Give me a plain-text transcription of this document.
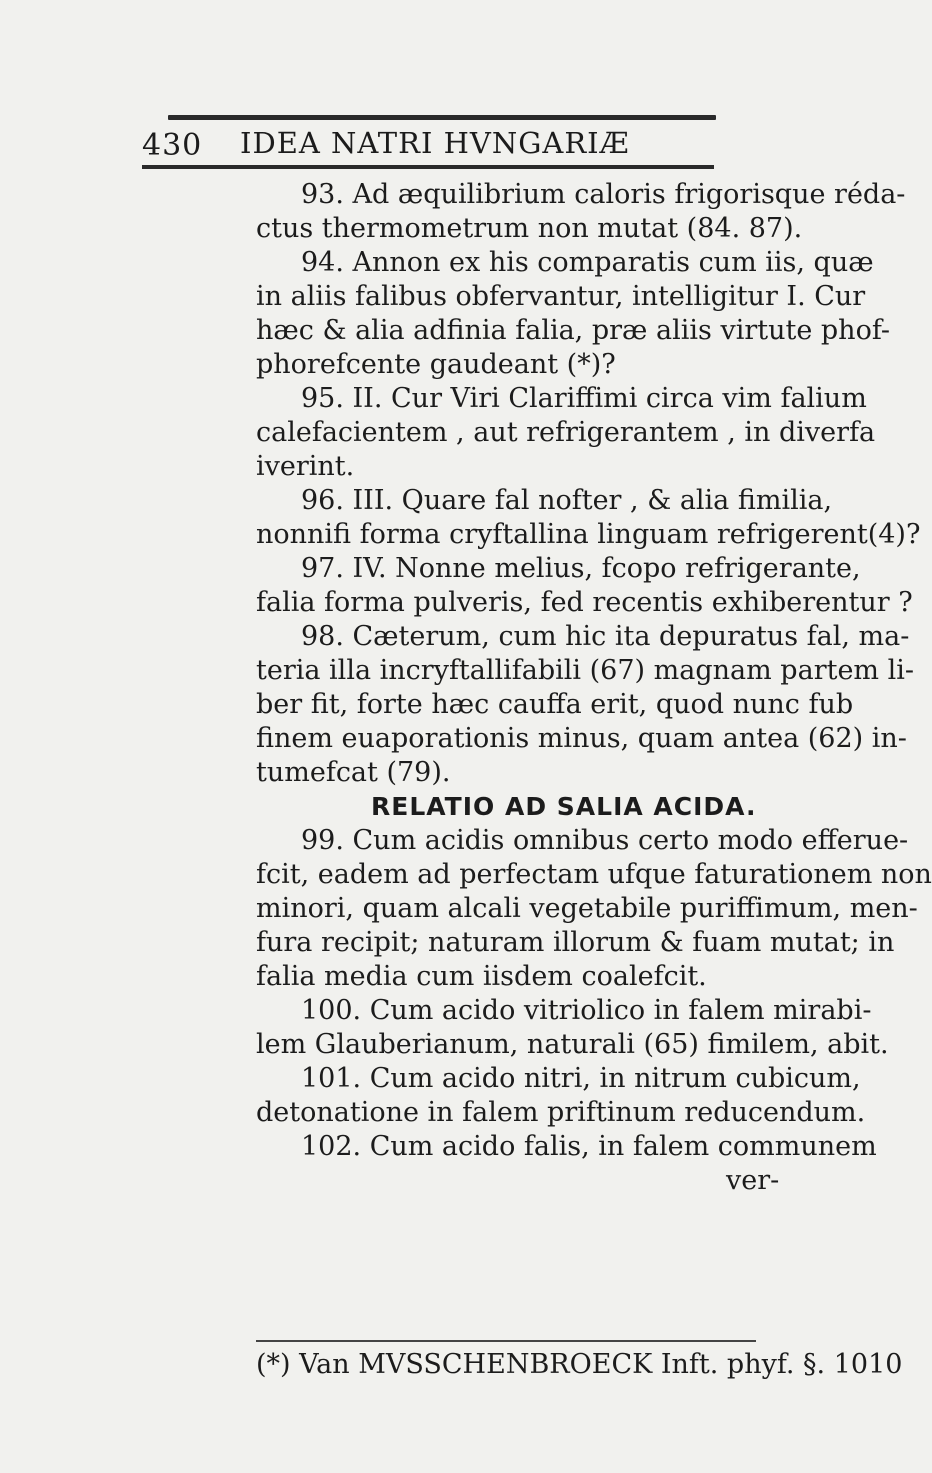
430 IDEA NATRI HVNGARIÆ
93. Ad æquilibrium caloris frigorisque réda-
ctus thermometrum non mutat (84. 87).
94. Annon ex his comparatis cum iis, quæ
in aliis falibus obfervantur, intelligitur I. Cur
hæc & alia adfinia falia, præ aliis virtute phof-
phorefcente gaudeant (*)?
95. II. Cur Viri Clariffimi circa vim falium
calefacientem , aut refrigerantem , in diverfa
iverint.
96. III. Quare fal nofter , & alia fimilia,
nonnifi forma cryftallina linguam refrigerent(4)?
97. IV. Nonne melius, fcopo refrigerante,
falia forma pulveris, fed recentis exhiberentur ?
98. Cæterum, cum hic ita depuratus fal, ma-
teria illa incryftallifabili (67) magnam partem li-
ber fit, forte hæc cauffa erit, quod nunc fub
finem euaporationis minus, quam antea (62) in-
tumefcat (79).
RELATIO AD SALIA ACIDA.
99. Cum acidis omnibus certo modo efferue-
fcit, eadem ad perfectam ufque faturationem non
minori, quam alcali vegetabile puriffimum, men-
fura recipit; naturam illorum & fuam mutat; in
falia media cum iisdem coalefcit.
100. Cum acido vitriolico in falem mirabi-
lem Glauberianum, naturali (65) fimilem, abit.
101. Cum acido nitri, in nitrum cubicum,
detonatione in falem priftinum reducendum.
102. Cum acido falis, in falem communem
ver-
(*) Van MVSSCHENBROECK Inft. phyf. §. 1010
